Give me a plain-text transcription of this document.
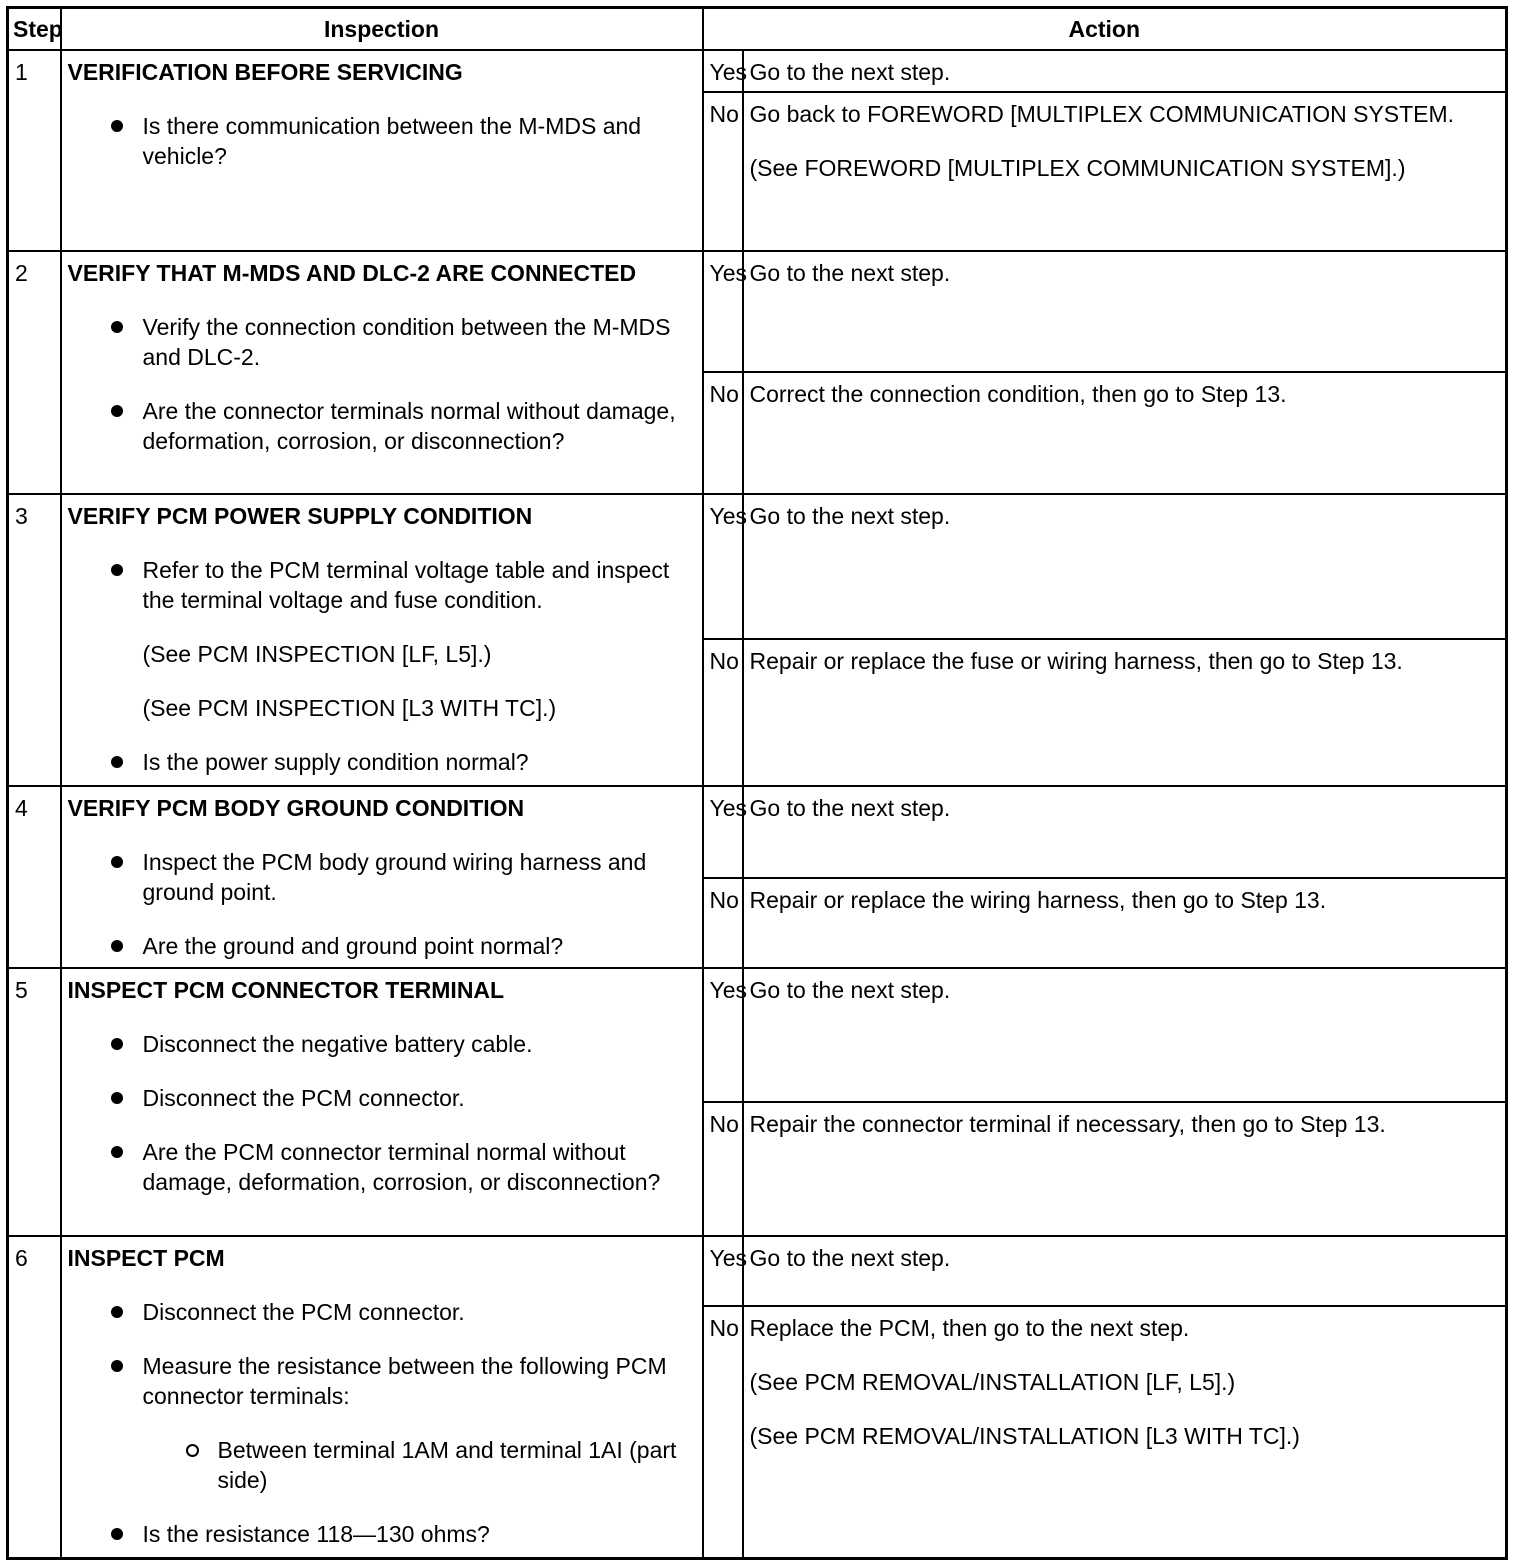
Step	Inspection	Action	
1	VERIFICATION BEFORE SERVICING
Is there communication between the M-MDS and vehicle?	Yes	Go to the next step.

		No	Go back to FOREWORD [MULTIPLEX COMMUNICATION SYSTEM.

(See FOREWORD [MULTIPLEX COMMUNICATION SYSTEM].)

2	VERIFY THAT M-MDS AND DLC-2 ARE CONNECTED
Verify the connection condition between the M-MDS and DLC-2.
Are the connector terminals normal without damage, deformation, corrosion, or disconnection?	Yes	Go to the next step.

		No	Correct the connection condition, then go to Step 13.

3	VERIFY PCM POWER SUPPLY CONDITION
Refer to the PCM terminal voltage table and inspect the terminal voltage and fuse condition.
(See PCM INSPECTION [LF, L5].)
(See PCM INSPECTION [L3 WITH TC].)
Is the power supply condition normal?	Yes	Go to the next step.

		No	Repair or replace the fuse or wiring harness, then go to Step 13.

4	VERIFY PCM BODY GROUND CONDITION
Inspect the PCM body ground wiring harness and ground point.
Are the ground and ground point normal?	Yes	Go to the next step.

		No	Repair or replace the wiring harness, then go to Step 13.

5	INSPECT PCM CONNECTOR TERMINAL
Disconnect the negative battery cable.
Disconnect the PCM connector.
Are the PCM connector terminal normal without damage, deformation, corrosion, or disconnection?	Yes	Go to the next step.

		No	Repair the connector terminal if necessary, then go to Step 13.

6	INSPECT PCM
Disconnect the PCM connector.
Measure the resistance between the following PCM connector terminals:
Between terminal 1AM and terminal 1AI (part side)
Is the resistance 118—130 ohms?	Yes	Go to the next step.

		No	Replace the PCM, then go to the next step.

(See PCM REMOVAL/INSTALLATION [LF, L5].)

(See PCM REMOVAL/INSTALLATION [L3 WITH TC].)
